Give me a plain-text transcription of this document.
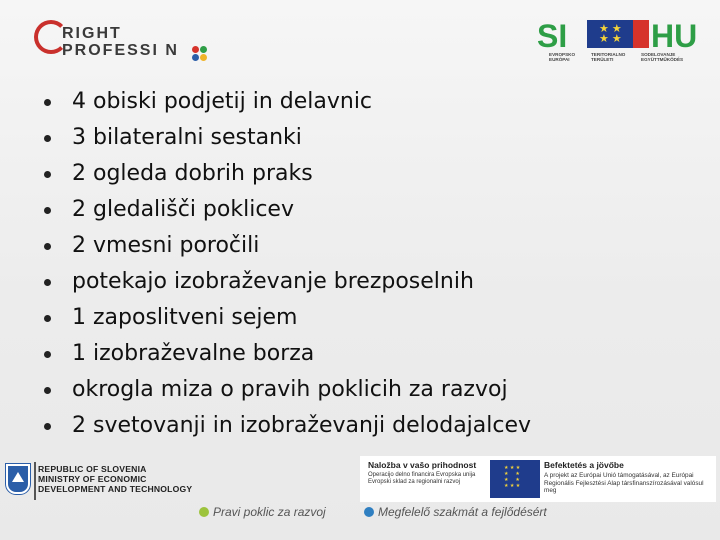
RIGHT
PROFESSI N	SI	★ ★
★ ★ HU
EVROPSKO
EURÓPAI
TERITORIALNO
TERÜLETI
SODELOVANJE
EGYÜTTMŰKÖDÉS
4 obiski podjetij in delavnic
3 bilateralni sestanki
2 ogleda dobrih praks
2 gledališči poklicev
2 vmesni poročili
potekajo izobraževanje brezposelnih
1 zaposlitveni sejem
1 izobraževalne borza
okrogla miza o pravih poklicih za razvoj
2 svetovanji in izobraževanji delodajalcev
REPUBLIC OF SLOVENIA
MINISTRY OF ECONOMIC
DEVELOPMENT AND TECHNOLOGY
Naložba v vašo prihodnost
Operacijo delno financira Evropska unija Evropski sklad za regionalni razvoj
★ ★ ★
★     ★
★     ★
★ ★ ★
Befektetés a jövőbe
A projekt az Európai Unió támogatásával, az Európai Regionális Fejlesztési Alap társfinanszírozásával valósul meg
Pravi poklic za razvoj	Megfelelő szakmát a fejlődésért
